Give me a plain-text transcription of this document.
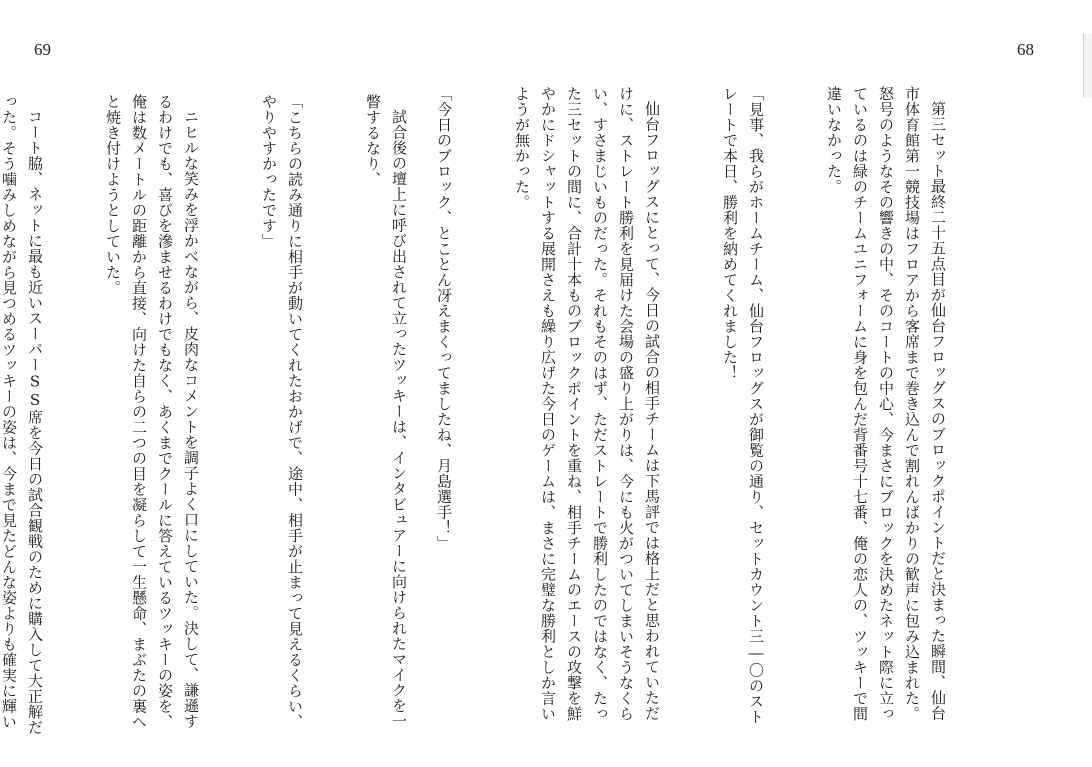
69	68

第三セット最終二十五点目が仙台フロッグスのブロックポイントだと決まった瞬間、仙台市体育館第一競技場はフロアから客席まで巻き込んで割れんばかりの歓声に包み込まれた。怒号のようなその響きの中、そのコートの中心、今まさにブロックを決めたネット際に立っているのは緑のチームユニフォームに身を包んだ背番号十七番、俺の恋人の、ツッキーで間違いなかった。

「見事、我らがホームチーム、仙台フロッグスが御覧の通り、セットカウント三―〇のストレートで本日、勝利を納めてくれました！

仙台フロッグスにとって、今日の試合の相手チームは下馬評では格上だと思われていただけに、ストレート勝利を見届けた会場の盛り上がりは、今にも火がついてしまいそうなくらい、すさまじいものだった。それもそのはず、ただストレートで勝利したのではなく、たった三セットの間に、合計十本ものブロックポイントを重ね、相手チームのエースの攻撃を鮮やかにドシャットする展開さえも繰り広げた今日のゲームは、まさに完璧な勝利としか言いようが無かった。

「今日のブロック、とことん冴えまくってましたね、月島選手！」

試合後の壇上に呼び出されて立ったツッキーは、インタビュアーに向けられたマイクを一瞥するなり、

「こちらの読み通りに相手が動いてくれたおかげで、途中、相手が止まって見えるくらい、やりやすかったです」

ニヒルな笑みを浮かべながら、皮肉なコメントを調子よく口にしていた。決して、謙遜するわけでも、喜びを滲ませるわけでもなく、あくまでクールに答えているツッキーの姿を、俺は数メートルの距離から直接、向けた自らの二つの目を凝らして一生懸命、まぶたの裏へと焼き付けようとしていた。

コート脇、ネットに最も近いスーパーSS席を今日の試合観戦のために購入して大正解だった。そう噛みしめながら見つめるツッキーの姿は、今まで見たどんな姿よりも確実に輝い
